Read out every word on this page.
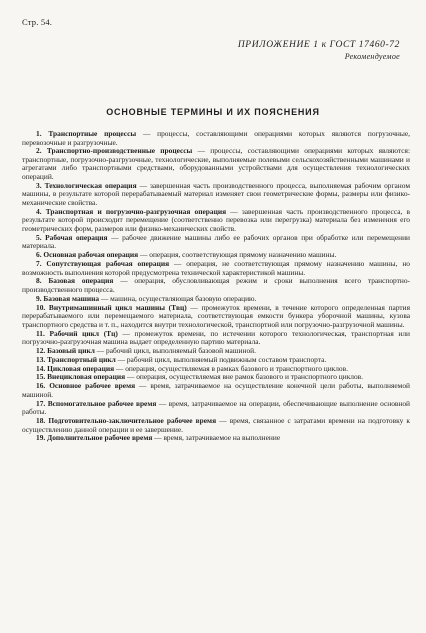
Стр. 54.
ПРИЛОЖЕНИЕ 1 к ГОСТ 17460-72
Рекомендуемое
ОСНОВНЫЕ ТЕРМИНЫ И ИХ ПОЯСНЕНИЯ

1. Транспортные процессы — процессы, составляющими операциями которых являются погрузочные, перевозочные и разгрузочные.

2. Транспортно-производственные процессы — процессы, составляющими операциями которых являются: транспортные, погрузочно-разгрузочные, технологические, выполняемые полевыми сельскохозяйственными машинами и агрегатами либо транспортными средствами, оборудованными устройствами для осуществления технологических операций.

3. Технологическая операция — завершенная часть производственного процесса, выполняемая рабочим органом машины, в результате которой перерабатываемый материал изменяет свои геометрические формы, размеры или физико-механические свойства.

4. Транспортная и погрузочно-разгрузочная операция — завершенная часть производственного процесса, в результате которой происходит перемещение (соответственно перевозка или перегрузка) материала без изменения его геометрических форм, размеров или физико-механических свойств.

5. Рабочая операция — рабочее движение машины либо ее рабочих органов при обработке или перемещении материала.

6. Основная рабочая операция — операция, соответствующая прямому назначению машины.

7. Сопутствующая рабочая операция — операция, не соответствующая прямому назначению машины, но возможность выполнения которой предусмотрена технической характеристикой машины.

8. Базовая операция — операция, обусловливающая режим и сроки выполнения всего транспортно-производственного процесса.

9. Базовая машина — машина, осуществляющая базовую операцию.

10. Внутримашинный цикл машины (Tвц) — промежуток времени, в течение которого определенная партия перерабатываемого или перемещаемого материала, соответствующая емкости бункера уборочной машины, кузова транспортного средства и т. п., находится внутри технологической, транспортной или погрузочно-разгрузочной машины.

11. Рабочий цикл (Tц) — промежуток времени, по истечении которого технологическая, транспортная или погрузочно-разгрузочная машина выдает определенную партию материала.

12. Базовый цикл — рабочий цикл, выполняемый базовой машиной.

13. Транспортный цикл — рабочий цикл, выполняемый подвижным составом транспорта.

14. Цикловая операция — операция, осуществляемая в рамках базового и транспортного циклов.

15. Внецикловая операция — операция, осуществляемая вне рамок базового и транспортного циклов.

16. Основное рабочее время — время, затрачиваемое на осуществление конечной цели работы, выполняемой машиной.

17. Вспомогательное рабочее время — время, затрачиваемое на операции, обеспечивающие выполнение основной работы.

18. Подготовительно-заключительное рабочее время — время, связанное с затратами времени на подготовку к осуществлению данной операции и ее завершение.

19. Дополнительное рабочее время — время, затрачиваемое на выполнение
